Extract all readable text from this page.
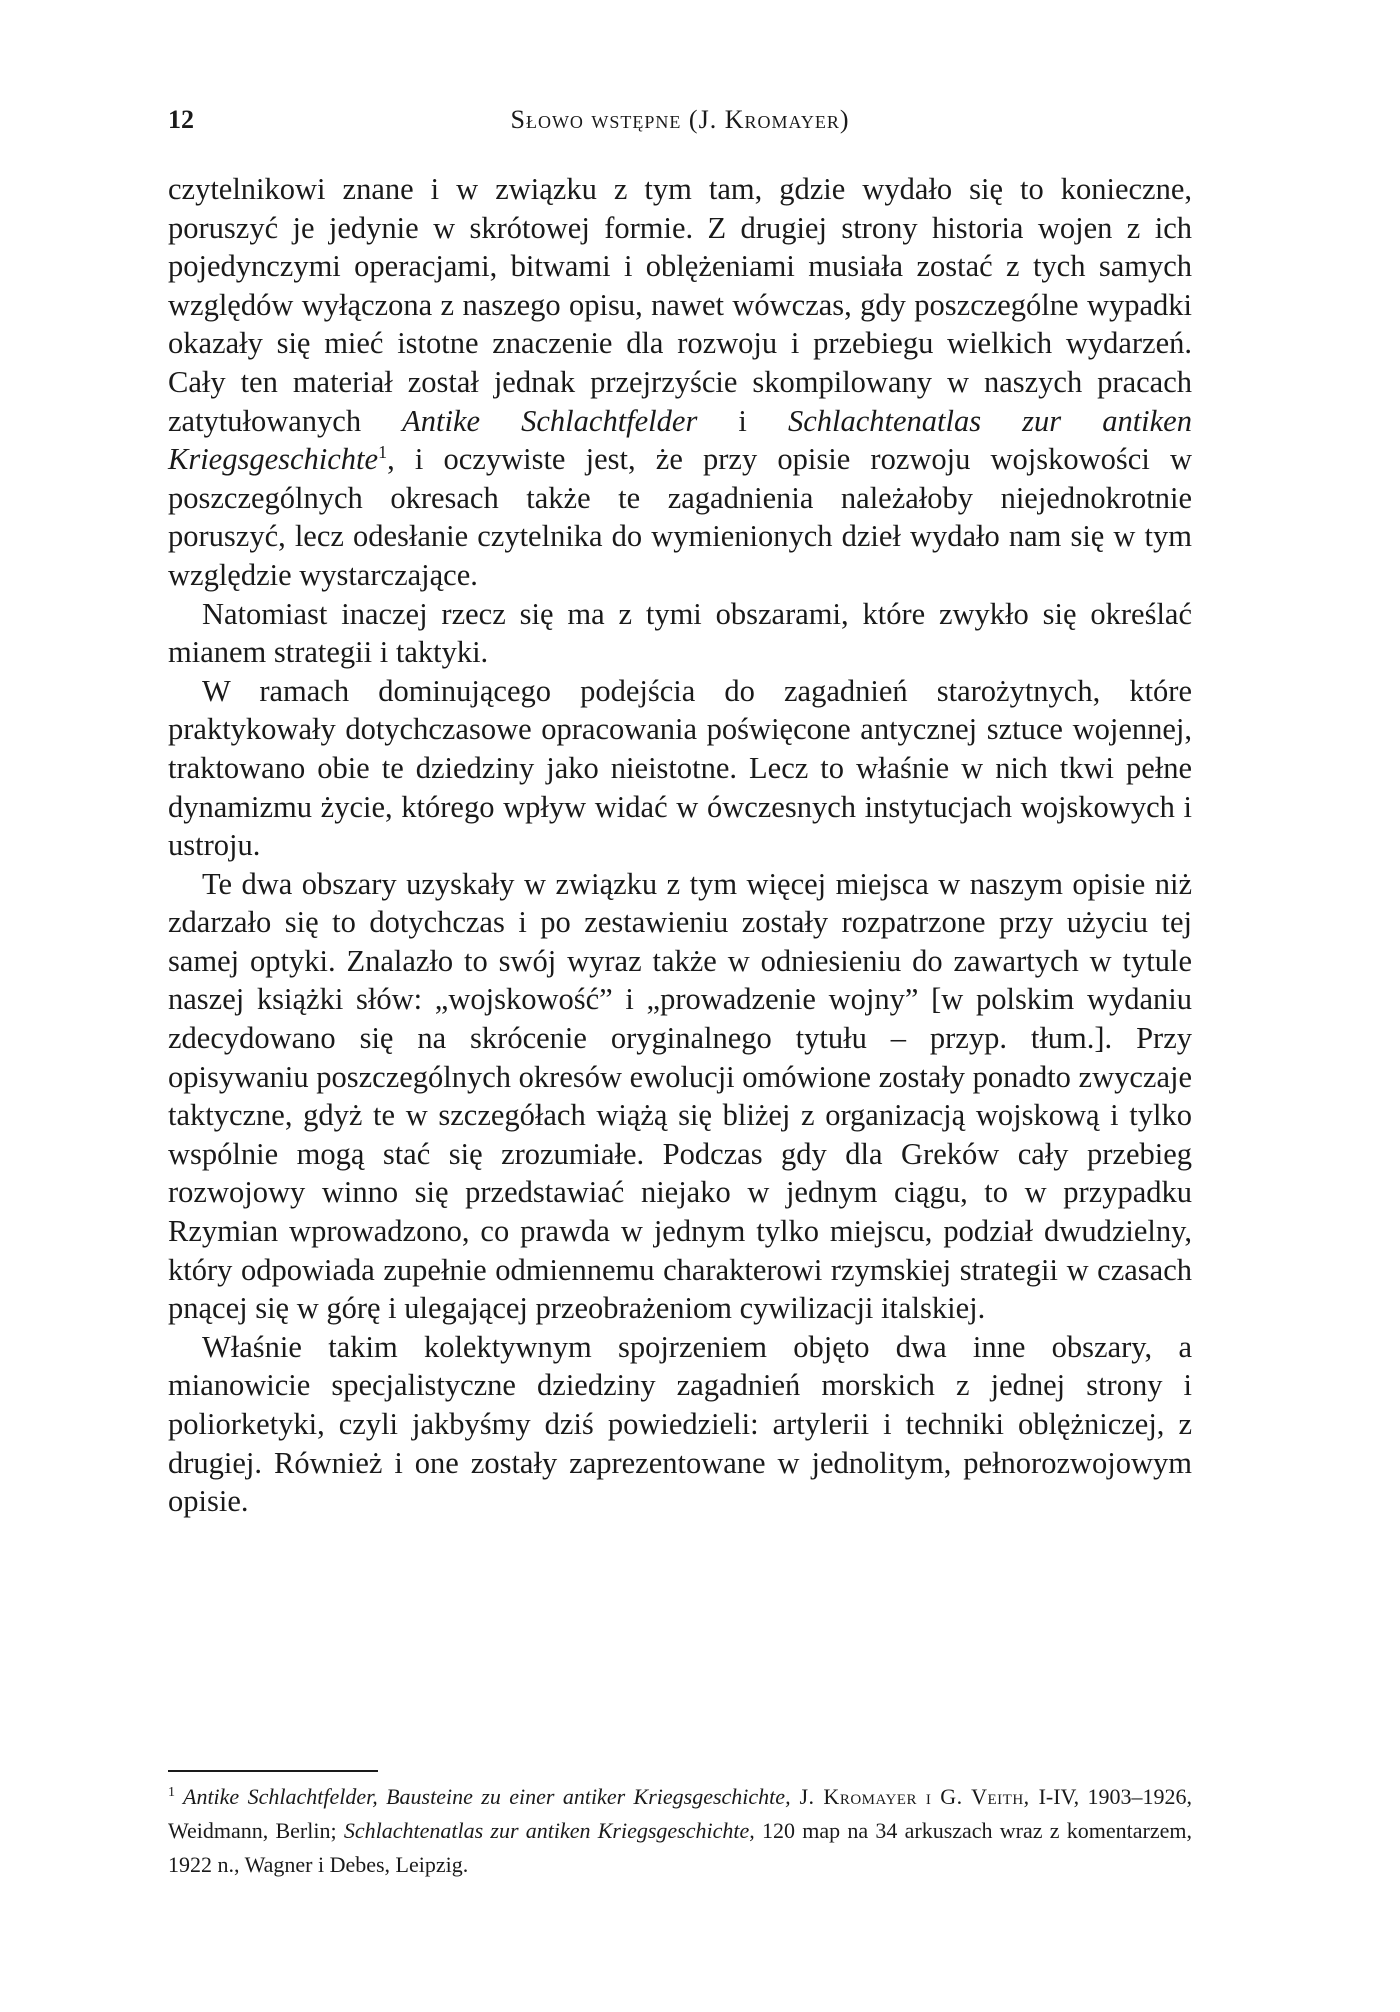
12	Słowo wstępne (J. Kromayer)

czytelnikowi znane i w związku z tym tam, gdzie wydało się to konieczne, poruszyć je jedynie w skrótowej formie. Z drugiej strony historia wojen z ich pojedynczymi operacjami, bitwami i oblężeniami musiała zostać z tych samych względów wyłączona z naszego opisu, nawet wówczas, gdy poszczególne wypadki okazały się mieć istotne znaczenie dla rozwoju i przebiegu wielkich wydarzeń. Cały ten materiał został jednak przejrzyście skompilowany w naszych pracach zatytułowanych Antike Schlachtfelder i Schlachtenatlas zur antiken Kriegsgeschichte$^1$, i oczywiste jest, że przy opisie rozwoju wojskowości w poszczególnych okresach także te zagadnienia należałoby niejednokrotnie poruszyć, lecz odesłanie czytelnika do wymienionych dzieł wydało nam się w tym względzie wystarczające.

Natomiast inaczej rzecz się ma z tymi obszarami, które zwykło się określać mianem strategii i taktyki.

W ramach dominującego podejścia do zagadnień starożytnych, które praktykowały dotychczasowe opracowania poświęcone antycznej sztuce wojennej, traktowano obie te dziedziny jako nieistotne. Lecz to właśnie w nich tkwi pełne dynamizmu życie, którego wpływ widać w ówczesnych instytucjach wojskowych i ustroju.

Te dwa obszary uzyskały w związku z tym więcej miejsca w naszym opisie niż zdarzało się to dotychczas i po zestawieniu zostały rozpatrzone przy użyciu tej samej optyki. Znalazło to swój wyraz także w odniesieniu do zawartych w tytule naszej książki słów: „wojskowość” i „prowadzenie wojny” [w polskim wydaniu zdecydowano się na skrócenie oryginalnego tytułu – przyp. tłum.]. Przy opisywaniu poszczególnych okresów ewolucji omówione zostały ponadto zwyczaje taktyczne, gdyż te w szczegółach wiążą się bliżej z organizacją wojskową i tylko wspólnie mogą stać się zrozumiałe. Podczas gdy dla Greków cały przebieg rozwojowy winno się przedstawiać niejako w jednym ciągu, to w przypadku Rzymian wprowadzono, co prawda w jednym tylko miejscu, podział dwudzielny, który odpowiada zupełnie odmiennemu charakterowi rzymskiej strategii w czasach pnącej się w górę i ulegającej przeobrażeniom cywilizacji italskiej.

Właśnie takim kolektywnym spojrzeniem objęto dwa inne obszary, a mianowicie specjalistyczne dziedziny zagadnień morskich z jednej strony i poliorketyki, czyli jakbyśmy dziś powiedzieli: artylerii i techniki oblężniczej, z drugiej. Również i one zostały zaprezentowane w jednolitym, pełnorozwojowym opisie.

$^1$ Antike Schlachtfelder, Bausteine zu einer antiker Kriegsgeschichte, J. Kromayer i G. Veith, I-IV, 1903–1926, Weidmann, Berlin; Schlachtenatlas zur antiken Kriegsgeschichte, 120 map na 34 arkuszach wraz z komentarzem, 1922 n., Wagner i Debes, Leipzig.
